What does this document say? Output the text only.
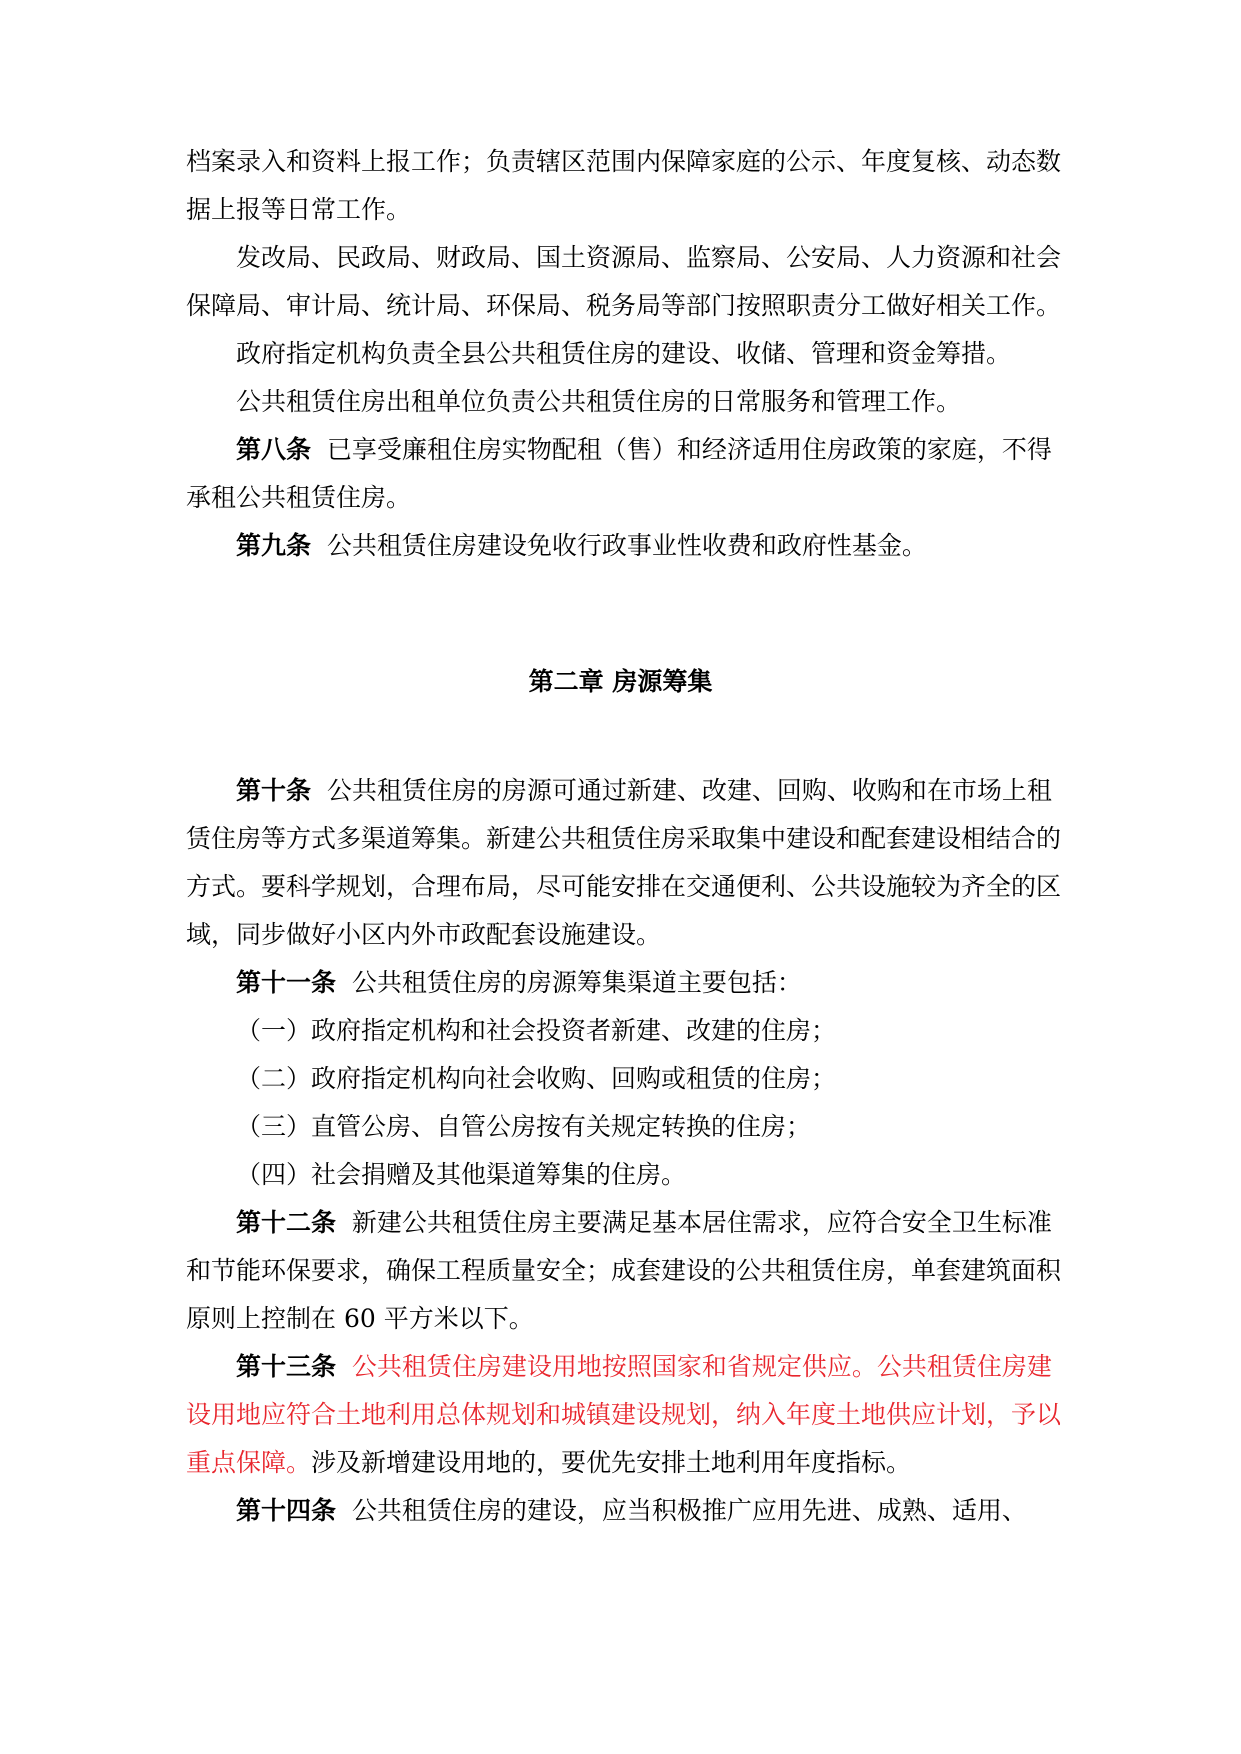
档案录入和资料上报工作；负责辖区范围内保障家庭的公示、年度复核、动态数据上报等日常工作。

发改局、民政局、财政局、国土资源局、监察局、公安局、人力资源和社会保障局、审计局、统计局、环保局、税务局等部门按照职责分工做好相关工作。

政府指定机构负责全县公共租赁住房的建设、收储、管理和资金筹措。

公共租赁住房出租单位负责公共租赁住房的日常服务和管理工作。

第八条 已享受廉租住房实物配租（售）和经济适用住房政策的家庭，不得承租公共租赁住房。

第九条 公共租赁住房建设免收行政事业性收费和政府性基金。

第二章 房源筹集

第十条 公共租赁住房的房源可通过新建、改建、回购、收购和在市场上租赁住房等方式多渠道筹集。新建公共租赁住房采取集中建设和配套建设相结合的方式。要科学规划，合理布局，尽可能安排在交通便利、公共设施较为齐全的区域，同步做好小区内外市政配套设施建设。

第十一条 公共租赁住房的房源筹集渠道主要包括：

（一）政府指定机构和社会投资者新建、改建的住房；

（二）政府指定机构向社会收购、回购或租赁的住房；

（三）直管公房、自管公房按有关规定转换的住房；

（四）社会捐赠及其他渠道筹集的住房。

第十二条 新建公共租赁住房主要满足基本居住需求，应符合安全卫生标准和节能环保要求，确保工程质量安全；成套建设的公共租赁住房，单套建筑面积原则上控制在 60 平方米以下。

第十三条 公共租赁住房建设用地按照国家和省规定供应。公共租赁住房建设用地应符合土地利用总体规划和城镇建设规划，纳入年度土地供应计划，予以重点保障。涉及新增建设用地的，要优先安排土地利用年度指标。

第十四条 公共租赁住房的建设，应当积极推广应用先进、成熟、适用、
